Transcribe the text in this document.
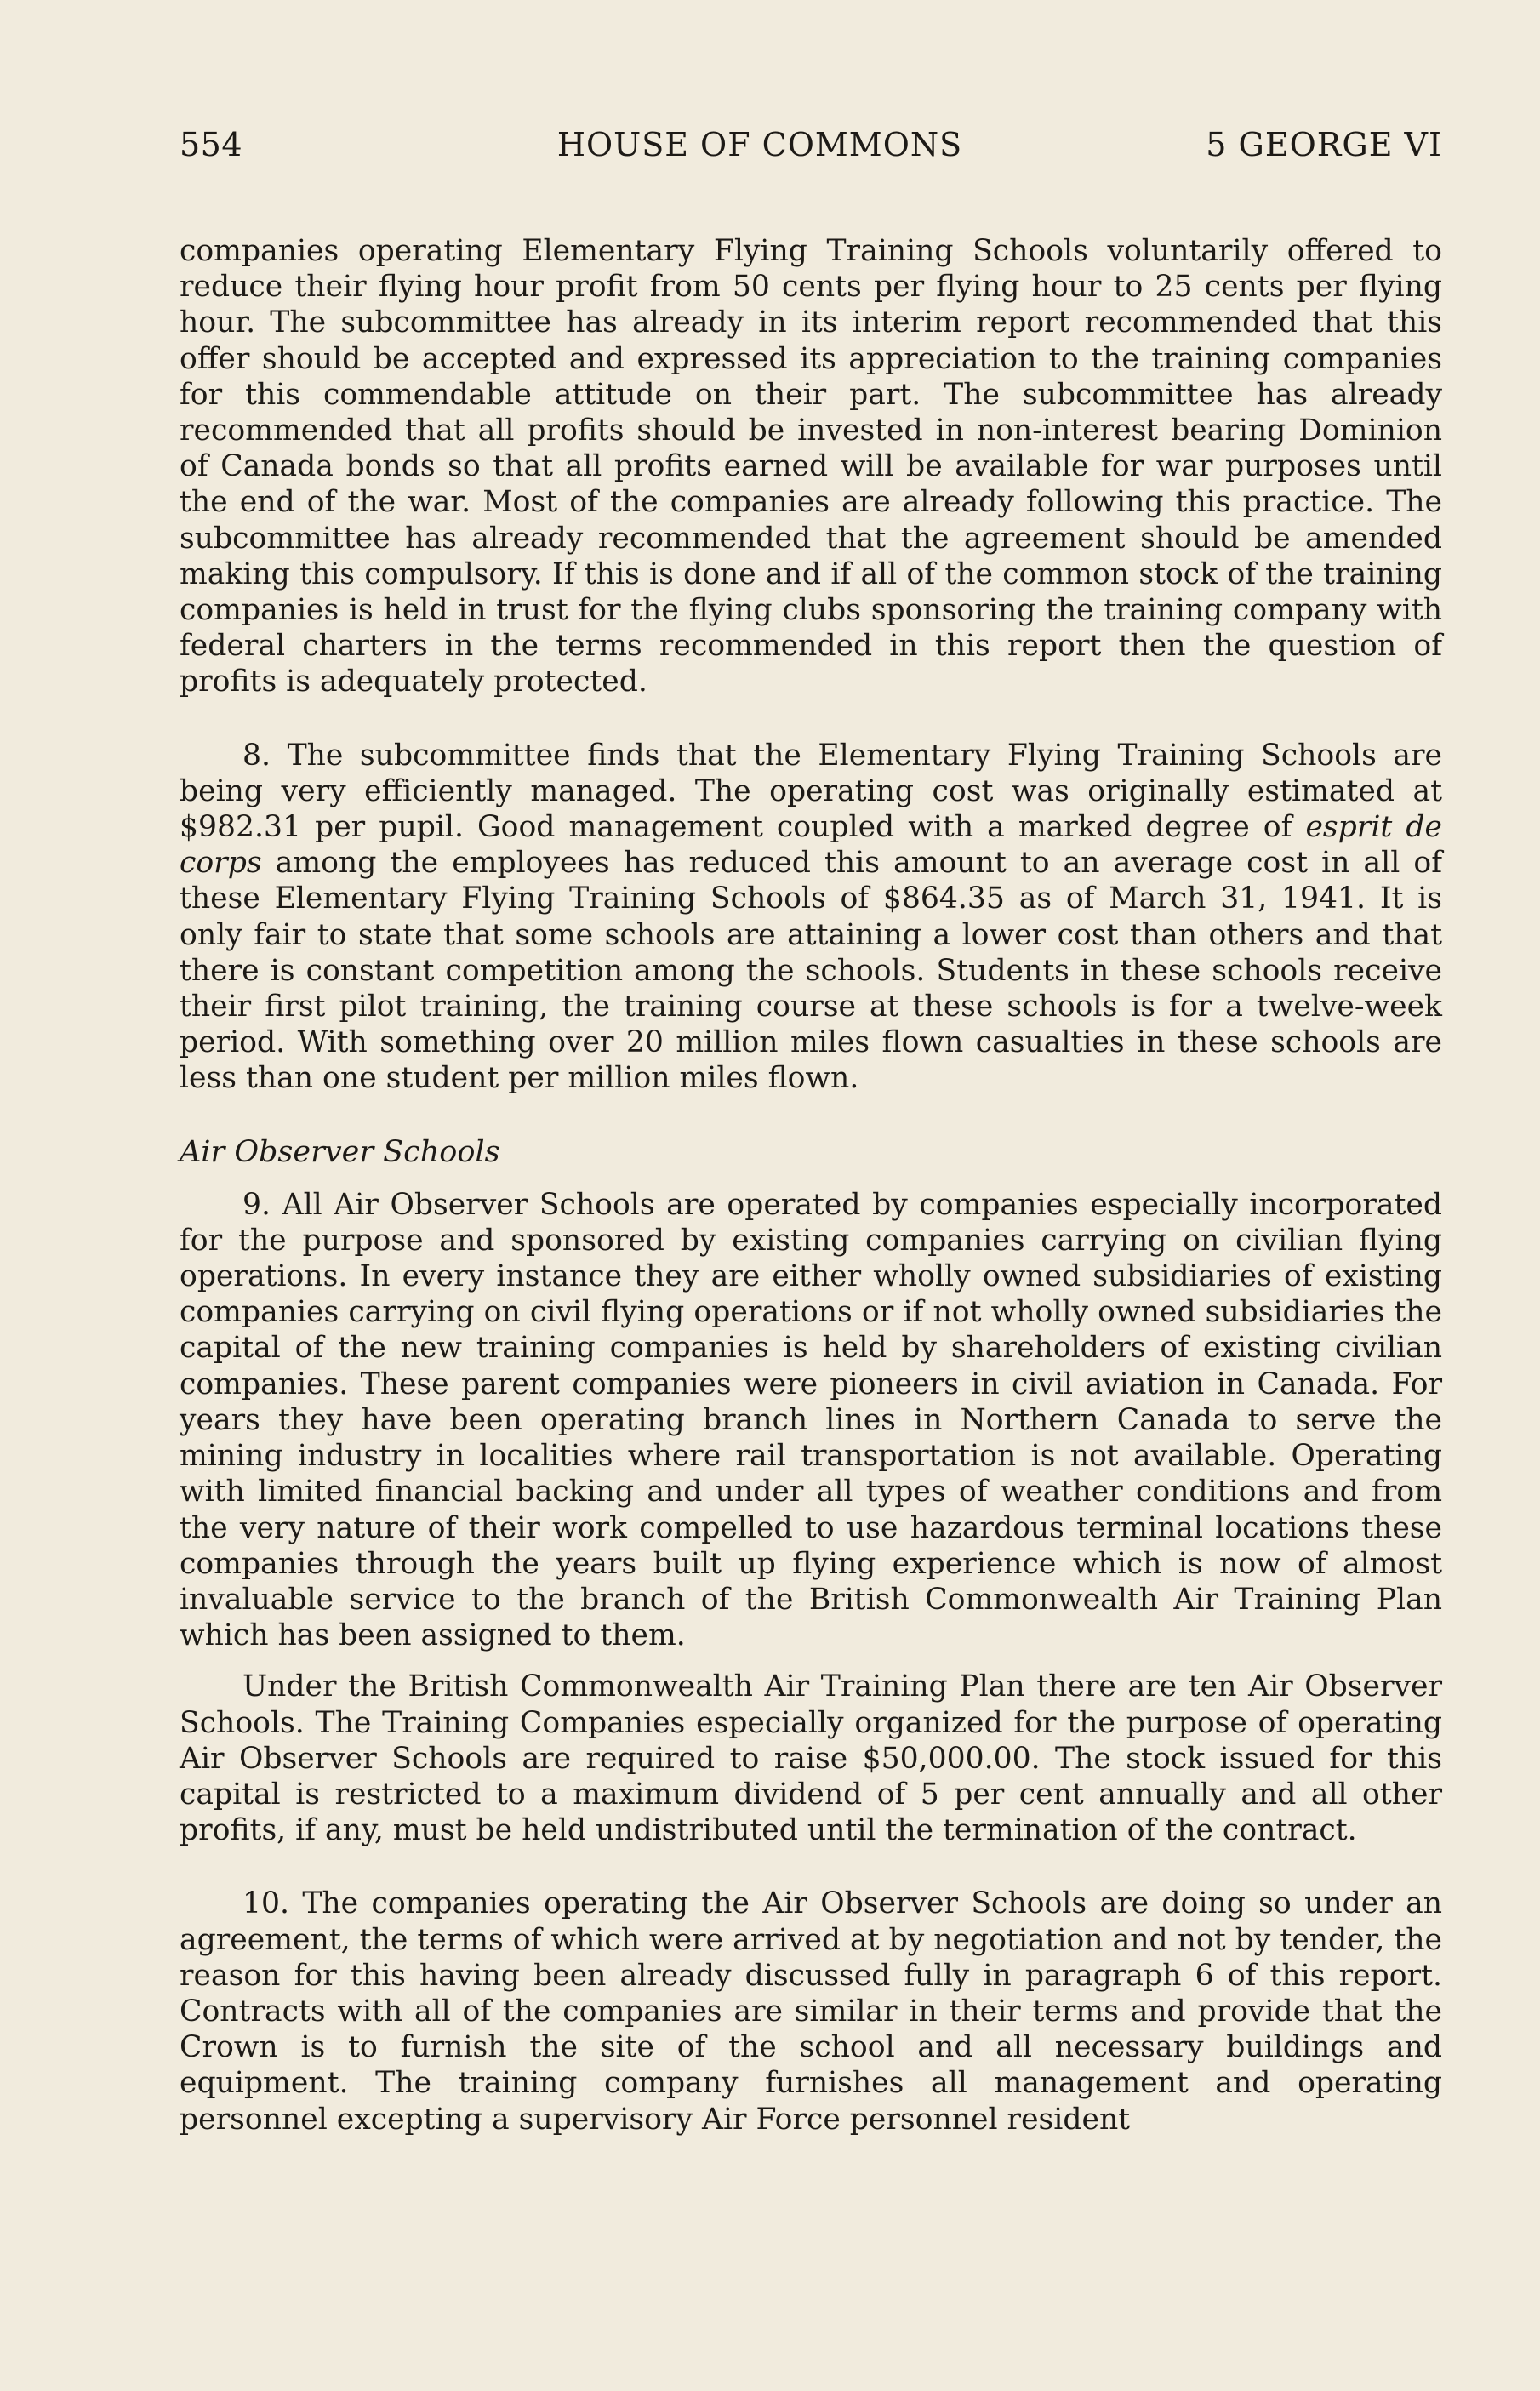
554	HOUSE OF COMMONS	5 GEORGE VI

companies operating Elementary Flying Training Schools voluntarily offered to reduce their flying hour profit from 50 cents per flying hour to 25 cents per flying hour. The subcommittee has already in its interim report recommended that this offer should be accepted and expressed its appreciation to the training companies for this commendable attitude on their part. The subcommittee has already recommended that all profits should be invested in non-interest bearing Dominion of Canada bonds so that all profits earned will be available for war purposes until the end of the war. Most of the companies are already following this practice. The subcommittee has already recommended that the agreement should be amended making this compulsory. If this is done and if all of the common stock of the training companies is held in trust for the flying clubs sponsoring the training company with federal charters in the terms recommended in this report then the question of profits is adequately protected.

8. The subcommittee finds that the Elementary Flying Training Schools are being very efficiently managed. The operating cost was originally estimated at $982.31 per pupil. Good management coupled with a marked degree of esprit de corps among the employees has reduced this amount to an average cost in all of these Elementary Flying Training Schools of $864.35 as of March 31, 1941. It is only fair to state that some schools are attaining a lower cost than others and that there is constant competition among the schools. Students in these schools receive their first pilot training, the training course at these schools is for a twelve-week period. With something over 20 million miles flown casualties in these schools are less than one student per million miles flown.

Air Observer Schools

9. All Air Observer Schools are operated by companies especially incorporated for the purpose and sponsored by existing companies carrying on civilian flying operations. In every instance they are either wholly owned subsidiaries of existing companies carrying on civil flying operations or if not wholly owned subsidiaries the capital of the new training companies is held by shareholders of existing civilian companies. These parent companies were pioneers in civil aviation in Canada. For years they have been operating branch lines in Northern Canada to serve the mining industry in localities where rail transportation is not available. Operating with limited financial backing and under all types of weather conditions and from the very nature of their work compelled to use hazardous terminal locations these companies through the years built up flying experience which is now of almost invaluable service to the branch of the British Commonwealth Air Training Plan which has been assigned to them.

Under the British Commonwealth Air Training Plan there are ten Air Observer Schools. The Training Companies especially organized for the purpose of operating Air Observer Schools are required to raise $50,000.00. The stock issued for this capital is restricted to a maximum dividend of 5 per cent annually and all other profits, if any, must be held undistributed until the termination of the contract.

10. The companies operating the Air Observer Schools are doing so under an agreement, the terms of which were arrived at by negotiation and not by tender, the reason for this having been already discussed fully in paragraph 6 of this report. Contracts with all of the companies are similar in their terms and provide that the Crown is to furnish the site of the school and all necessary buildings and equipment. The training company furnishes all management and operating personnel excepting a supervisory Air Force personnel resident
